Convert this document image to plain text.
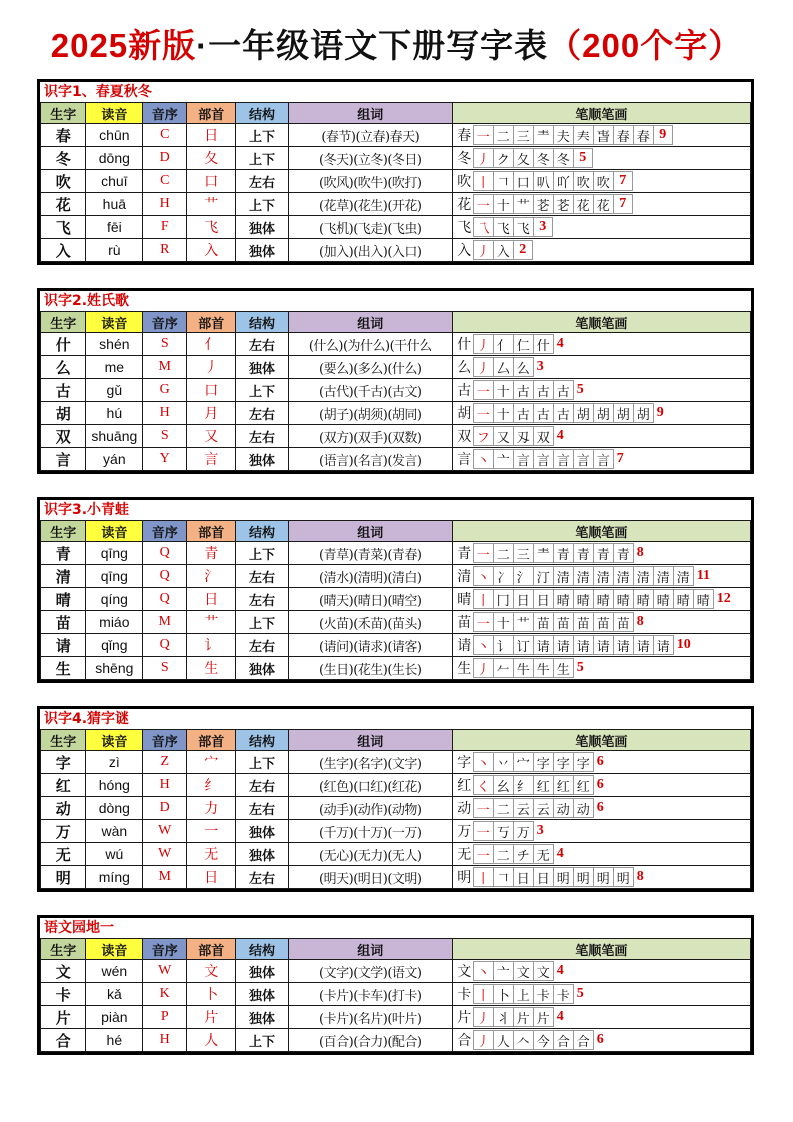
2025新版·一年级语文下册写字表（200个字）
识字1、春夏秋冬
生字	读音	音序	部首	结构	组词	笔顺笔画
春	chūn	C	日	上下	(春节)(立春)春天)	春 一 二 三 龶 夫 𡗗 旾 春 春 9

冬	dōng	D	夂	上下	(冬天)(立冬)(冬日)	冬 丿 ク 夂 冬 冬 5

吹	chuī	C	口	左右	(吹风)(吹牛)(吹打)	吹 丨 𠃍 口 叭 吖 吹 吹 7

花	huā	H	艹	上下	(花草)(花生)(开花)	花 一 十 艹 芲 芲 花 花 7

飞	fēi	F	飞	独体	(飞机)(飞走)(飞虫)	飞 乁 飞 飞 3

入	rù	R	入	独体	(加入)(出入)(入口)	入 丿 入 2
识字2.姓氏歌
生字	读音	音序	部首	结构	组词	笔顺笔画
什	shén	S	亻	左右	(什么)(为什么)(干什么	什 丿 亻 仁 什 4

么	me	M	丿	独体	(要么)(多么)(什么)	么 丿 厶 么 3

古	gǔ	G	口	上下	(古代)(千古)(古文)	古 一 十 古 古 古 5

胡	hú	H	月	左右	(胡子)(胡须)(胡同)	胡 一 十 古 古 古 胡 胡 胡 胡 9

双	shuāng	S	又	左右	(双方)(双手)(双数)	双 フ 又 刄 双 4

言	yán	Y	言	独体	(语言)(名言)(发言)	言 丶 亠 言 言 言 言 言 7
识字3.小青蛙
生字	读音	音序	部首	结构	组词	笔顺笔画
青	qīng	Q	青	上下	(青草)(青菜)(青春)	青 一 二 三 龶 青 青 青 青 8

清	qīng	Q	氵	左右	(清水)(清明)(清白)	清 丶 冫 氵 汀 清 清 清 清 清 清 清 11

晴	qíng	Q	日	左右	(晴天)(晴日)(晴空)	晴 丨 冂 日 日 晴 晴 晴 晴 晴 晴 晴 晴 12

苗	miáo	M	艹	上下	(火苗)(禾苗)(苗头)	苗 一 十 艹 苗 苗 苗 苗 苗 8

请	qǐng	Q	讠	左右	(请问)(请求)(请客)	请 丶 讠 订 请 请 请 请 请 请 请 10

生	shēng	S	生	独体	(生日)(花生)(生长)	生 丿 𠂉 牛 牛 生 5
识字4.猜字谜
生字	读音	音序	部首	结构	组词	笔顺笔画
字	zì	Z	宀	上下	(生字)(名字)(文字)	字 丶 丷 宀 字 字 字 6

红	hóng	H	纟	左右	(红色)(口红)(红花)	红 く 幺 纟 红 红 红 6

动	dòng	D	力	左右	(动手)(动作)(动物)	动 一 二 云 云 动 动 6

万	wàn	W	一	独体	(千万)(十万)(一万)	万 一 丂 万 3

无	wú	W	无	独体	(无心)(无力)(无人)	无 一 二 チ 无 4

明	míng	M	日	左右	(明天)(明日)(文明)	明 丨 𠃍 日 日 明 明 明 明 8
语文园地一
生字	读音	音序	部首	结构	组词	笔顺笔画
文	wén	W	文	独体	(文字)(文学)(语文)	文 丶 亠 文 文 4

卡	kǎ	K	卜	独体	(卡片)(卡车)(打卡)	卡 丨 卜 上 卡 卡 5

片	piàn	P	片	独体	(卡片)(名片)(叶片)	片 丿 丬 片 片 4

合	hé	H	人	上下	(百合)(合力)(配合)	合 丿 人 𠆢 今 合 合 6
